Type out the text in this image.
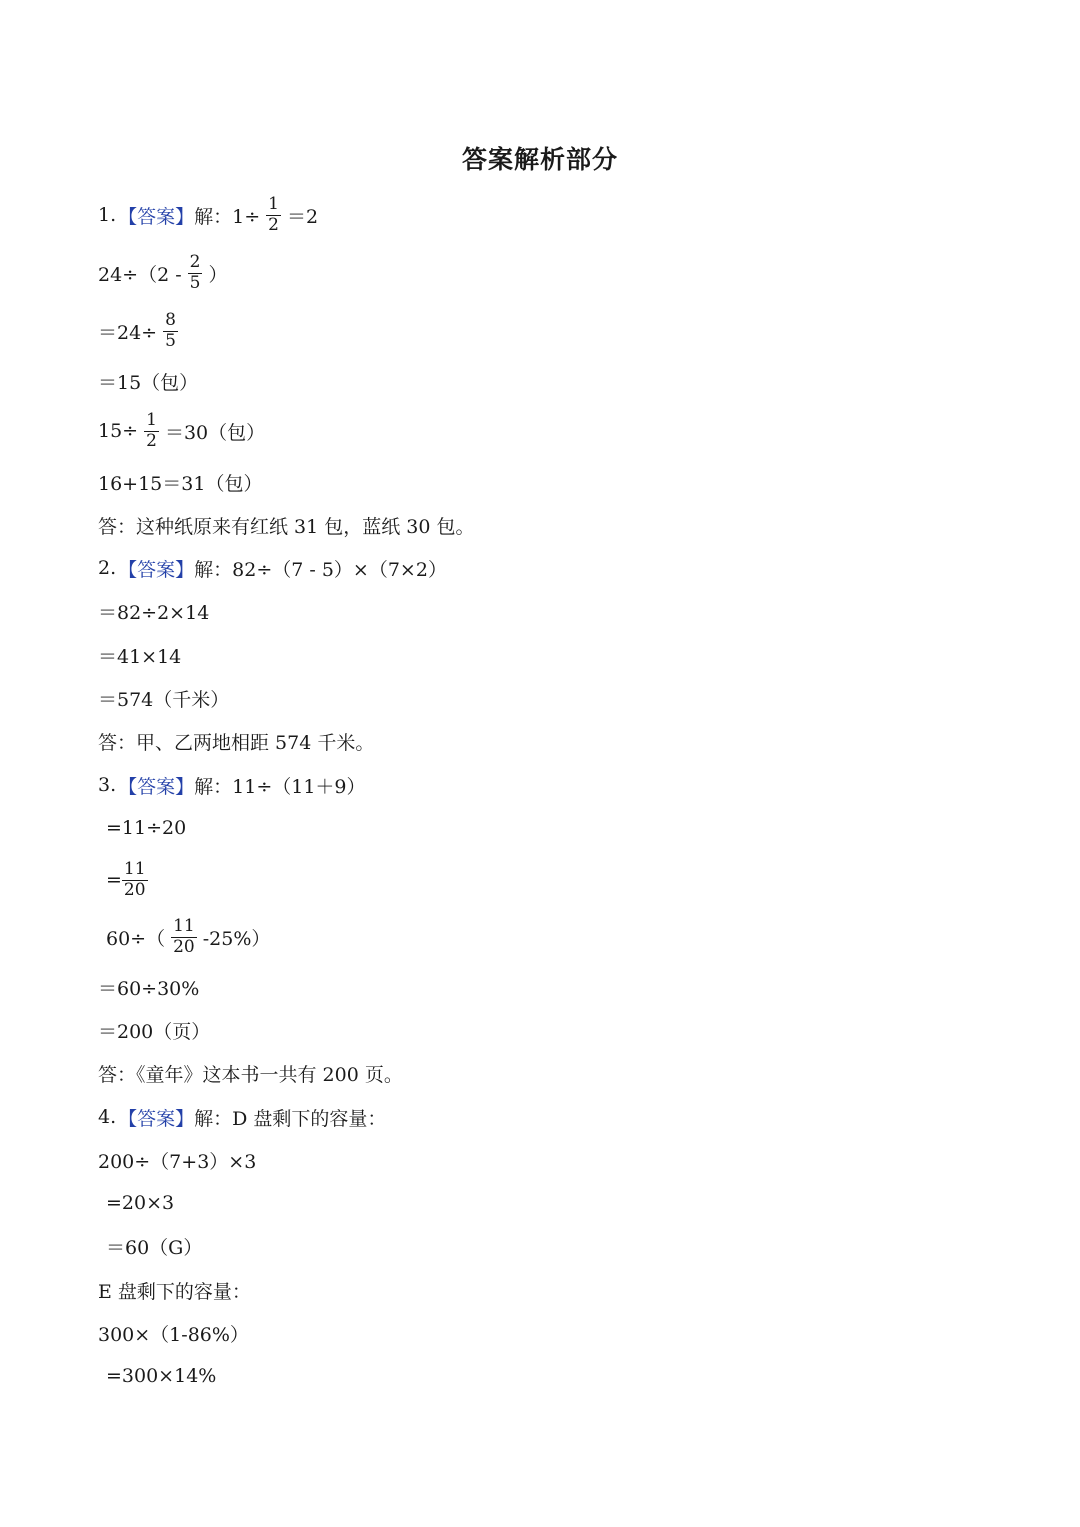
答案解析部分
1. 【答案】 解：$1\div \frac{1}{2} =2$
$24\div(2 - \frac{2}{5}$ ）
$=24\div \frac{8}{5}$
＝15（包）
$15\div \frac{1}{2} =30$（包）
16+15＝31（包）
答：这种纸原来有红纸 31 包，蓝纸 30 包。
2. 【答案】 解：82÷（7 - 5）×（7×2）
＝82÷2×14
＝41×14
＝574（千米）
答：甲、乙两地相距 574 千米。
3. 【答案】 解：11÷（11＋9）
=11÷20
= $\frac{11}{20}$
$60\div( \frac{11}{20} -25\%)$
＝60÷30%
＝200（页）
答：《童年》这本书一共有 200 页。
4. 【答案】 解：D 盘剩下的容量：
200÷（7+3）×3
=20×3
＝60（G）
E 盘剩下的容量：
300×（1-86%）
=300×14%
